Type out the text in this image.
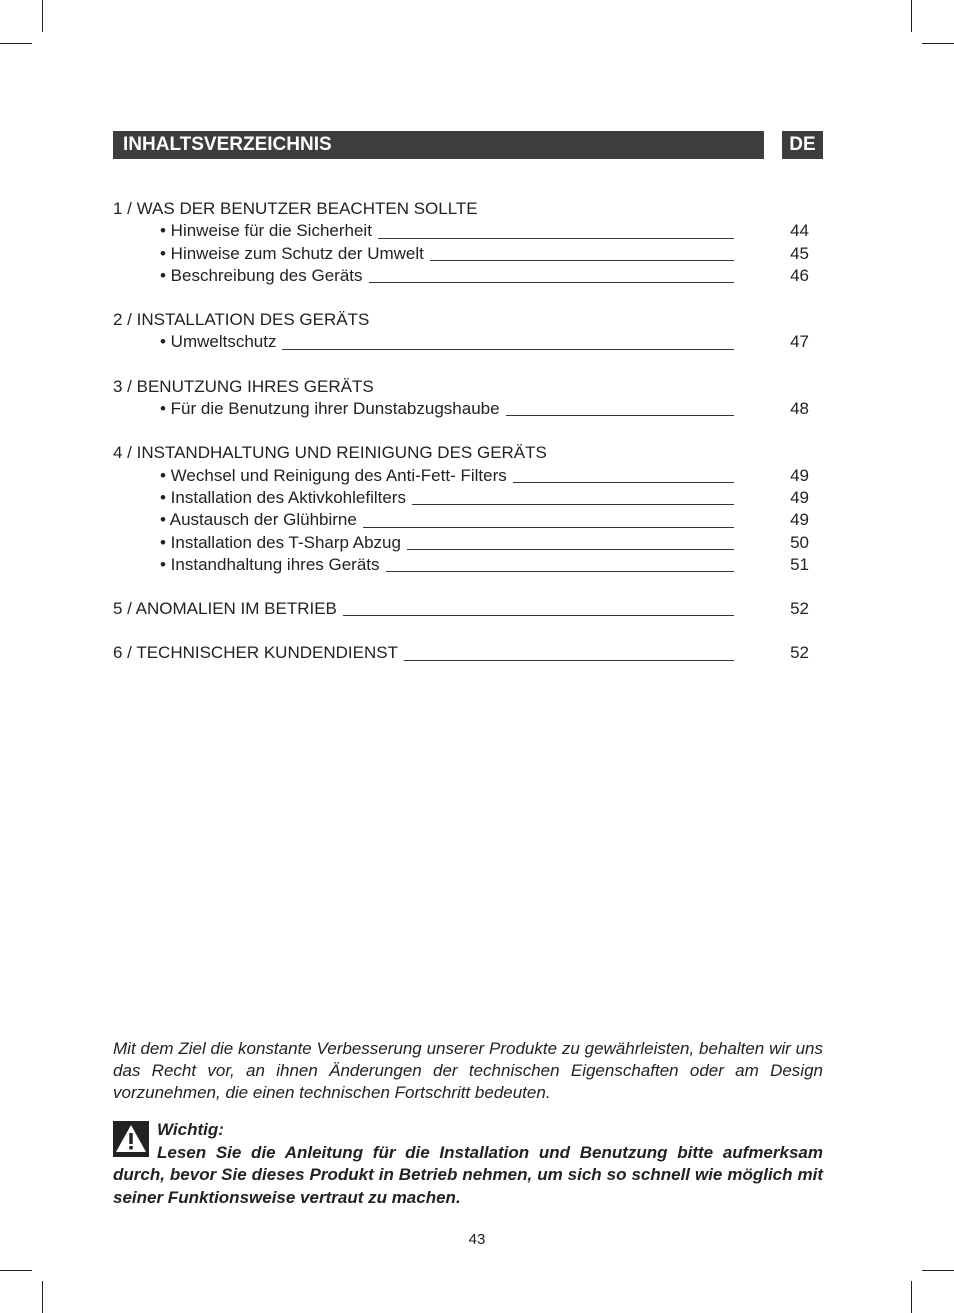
INHALTSVERZEICHNIS	DE
1 / WAS DER BENUTZER BEACHTEN SOLLTE
• Hinweise für die Sicherheit	44
• Hinweise zum Schutz der Umwelt	45
• Beschreibung des Geräts	46
2 / INSTALLATION DES GERÄTS
• Umweltschutz	47
3 / BENUTZUNG IHRES GERÄTS
• Für die Benutzung ihrer Dunstabzugshaube	48
4 / INSTANDHALTUNG UND REINIGUNG DES GERÄTS
• Wechsel und Reinigung des Anti-Fett- Filters	49
• Installation des Aktivkohlefilters	49
• Austausch der Glühbirne	49
• Installation des T-Sharp Abzug	50
• Instandhaltung ihres Geräts	51
5 / ANOMALIEN IM BETRIEB	52
6 / TECHNISCHER KUNDENDIENST	52
Mit dem Ziel die konstante Verbesserung unserer Produkte zu gewährleisten, behalten wir uns das Recht vor, an ihnen Änderungen der technischen Eigenschaften oder am Design vorzunehmen, die einen technischen Fortschritt bedeuten.
Wichtig:
Lesen Sie die Anleitung für die Installation und Benutzung bitte aufmerksam durch, bevor Sie dieses Produkt in Betrieb nehmen, um sich so schnell wie möglich mit seiner Funktionsweise vertraut zu machen.
43
